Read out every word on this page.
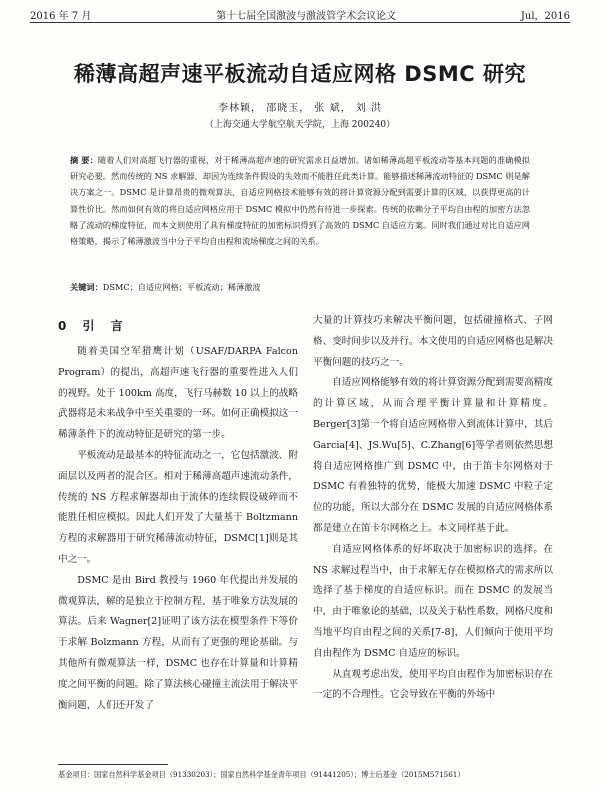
2016 年 7 月	第十七届全国激波与激波管学术会议论文	Jul，2016
稀薄高超声速平板流动自适应网格 DSMC 研究
李林颖， 邵晓玉， 张 斌， 刘 洪
（上海交通大学航空航天学院，上海 200240）
摘 要：随着人们对高超飞行器的重视，对于稀薄高超声速的研究需求日益增加。诸如稀薄高超平板流动等基本问题的准确模拟研究必要。然而传统的 NS 求解器，却因为连续条件假设的失效而不能胜任此类计算。能够描述稀薄流动特征的 DSMC 则是解决方案之一。DSMC 是计算昂贵的微观算法，自适应网格技术能够有效的将计算资源分配到需要计算的区域，以获得更高的计算性价比。然而如何有效的将自适应网格应用于 DSMC 模拟中仍然有待进一步探索。传统的依赖分子平均自由程的加密方法忽略了流动的梯度特征，而本文则使用了具有梯度特征的加密标识得到了高效的 DSMC 自适应方案。同时我们通过对比自适应网格策略，揭示了稀薄激波当中分子平均自由程和流场梯度之间的关系。
关键词：DSMC；自适应网格；平板流动；稀薄激波
0 引 言

随着美国空军猎鹰计划（USAF/DARPA Falcon Program）的提出，高超声速飞行器的重要性进入人们的视野。处于 100km 高度，飞行马赫数 10 以上的战略武器将是未来战争中至关重要的一环。如何正确模拟这一稀薄条件下的流动特征是研究的第一步。

平板流动是最基本的特征流动之一，它包括激波、附面层以及两者的混合区。相对于稀薄高超声速流动条件，传统的 NS 方程求解器却由于流体的连续假设破碎而不能胜任相应模拟。因此人们开发了大量基于 Boltzmann 方程的求解器用于研究稀薄流动特征，DSMC[1]则是其中之一。

DSMC 是由 Bird 教授与 1960 年代提出并发展的微观算法，解的是独立于控制方程、基于唯象方法发展的算法。后来 Wagner[2]证明了该方法在模型条件下等价于求解 Bolzmann 方程，从而有了更强的理论基础。与其他所有微观算法一样，DSMC 也存在计算量和计算精度之间平衡的问题。除了算法核心碰撞主流法用于解决平衡问题，人们还开发了

大量的计算技巧来解决平衡问题，包括碰撞格式、子网格、变时间步以及并行。本文使用的自适应网格也是解决平衡问题的技巧之一。

自适应网格能够有效的将计算资源分配到需要高精度的计算区域，从而合理平衡计算量和计算精度。Berger[3]第一个将自适应网格带入到流体计算中，其后 Garcia[4]、JS.Wu[5]、C.Zhang[6]等学者则依然思想将自适应网格推广到 DSMC 中，由于笛卡尔网格对于 DSMC 有着独特的优势，能极大加速 DSMC 中粒子定位的功能，所以大部分在 DSMC 发展的自适应网格体系都是建立在笛卡尔网格之上。本文同样基于此。

自适应网格体系的好坏取决于加密标识的选择。在 NS 求解过程当中，由于求解无存在模拟格式的需求所以选择了基于梯度的自适应标识。而在 DSMC 的发展当中，由于唯象论的基础，以及关于粘性系数，网格尺度和当地平均自由程之间的关系[7-8]，人们倾向于使用平均自由程作为 DSMC 自适应的标识。

从直观考虑出发，使用平均自由程作为加密标识存在一定的不合理性。它会导致在平衡的外场中

基金项目：国家自然科学基金项目（91330203）；国家自然科学基金青年项目（91441205）；博士后基金（2015M571561）
